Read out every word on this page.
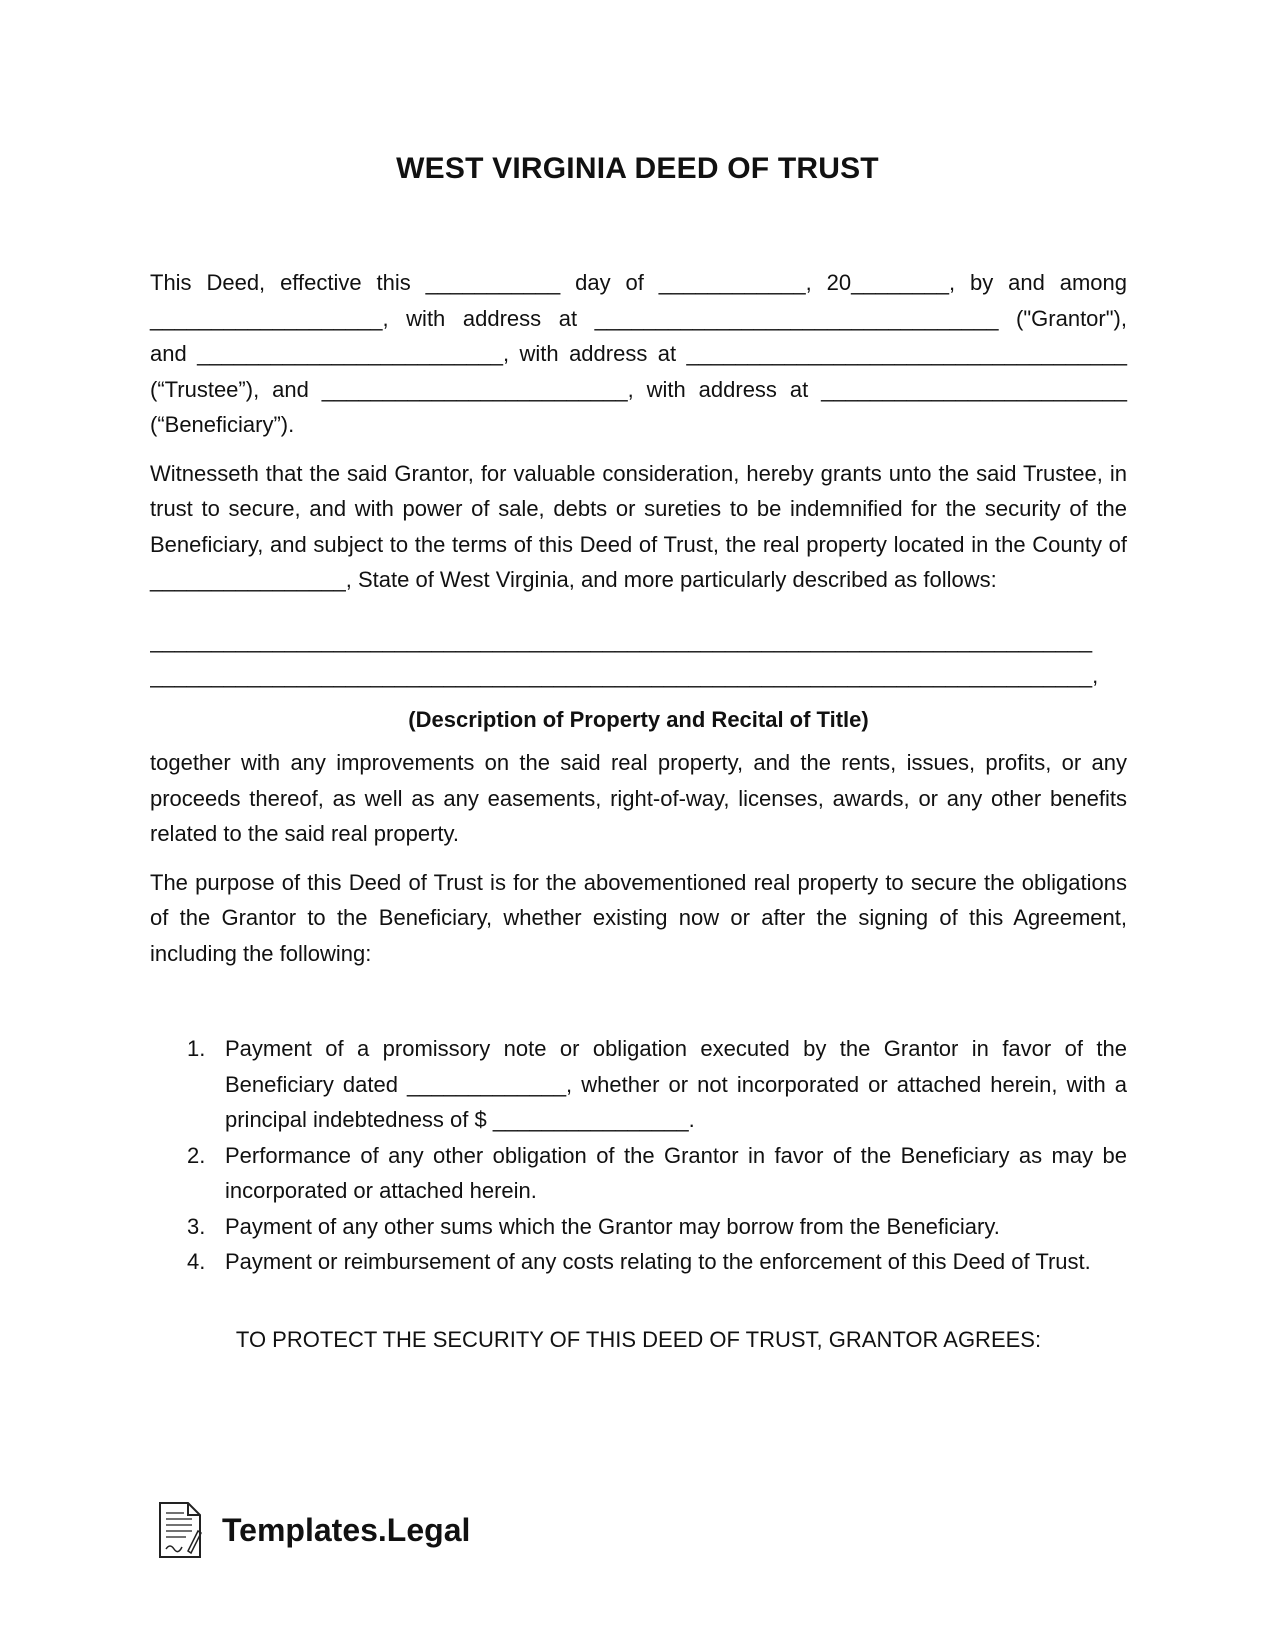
WEST VIRGINIA DEED OF TRUST
This Deed, effective this ___________ day of ____________, 20________, by and among
___________________, with address at _________________________________ ("Grantor"),
and _________________________, with address at ____________________________________
(“Trustee”), and _________________________, with address at _________________________
(“Beneficiary”).

Witnesseth that the said Grantor, for valuable consideration, hereby grants unto the said Trustee, in trust to secure, and with power of sale, debts or sureties to be indemnified for the security of the Beneficiary, and subject to the terms of this Deed of Trust, the real property located in the County of ________________, State of West Virginia, and more particularly described as follows:

_____________________________________________________________________________

_____________________________________________________________________________,

(Description of Property and Recital of Title)

together with any improvements on the said real property, and the rents, issues, profits, or any proceeds thereof, as well as any easements, right-of-way, licenses, awards, or any other benefits related to the said real property.

The purpose of this Deed of Trust is for the abovementioned real property to secure the obligations of the Grantor to the Beneficiary, whether existing now or after the signing of this Agreement, including the following:

1. Payment of a promissory note or obligation executed by the Grantor in favor of the Beneficiary dated _____________, whether or not incorporated or attached herein, with a principal indebtedness of $ ________________.
2. Performance of any other obligation of the Grantor in favor of the Beneficiary as may be incorporated or attached herein.
3. Payment of any other sums which the Grantor may borrow from the Beneficiary.
4. Payment or reimbursement of any costs relating to the enforcement of this Deed of Trust.

TO PROTECT THE SECURITY OF THIS DEED OF TRUST, GRANTOR AGREES:

Templates.Legal
